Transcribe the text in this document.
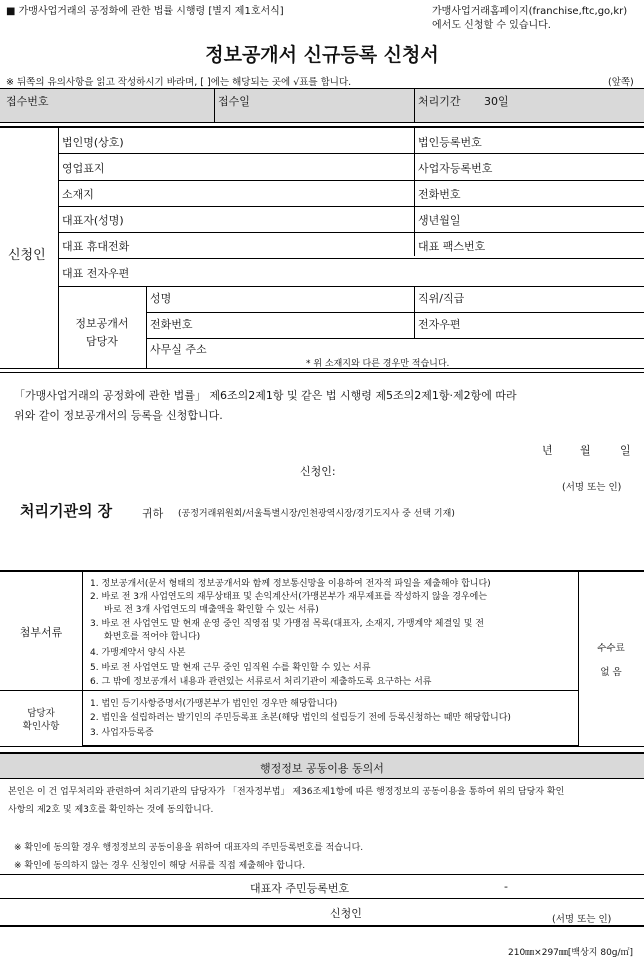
■ 가맹사업거래의 공정화에 관한 법률 시행령 [별지 제1호서식]	가맹사업거래홈페이지(franchise,ftc,go,kr)
에서도 신청할 수 있습니다.
정보공개서 신규등록 신청서
※ 뒤쪽의 유의사항을 읽고 작성하시기 바라며, [ ]에는 해당되는 곳에 √표를 합니다.	(앞쪽)
접수번호	접수일	처리기간 30일
신청인
법인명(상호)	법인등록번호
영업표지	사업자등록번호
소재지	전화번호
대표자(성명)	생년월일
대표 휴대전화	대표 팩스번호
대표 전자우편
정보공개서
담당자
성명	직위/직급
전화번호	전자우편
사무실 주소
* 위 소재지와 다른 경우만 적습니다.
「가맹사업거래의 공정화에 관한 법률」 제6조의2제1항 및 같은 법 시행령 제5조의2제1항·제2항에 따라
위와 같이 정보공개서의 등록을 신청합니다.
년 월	일
신청인:
(서명 또는 인)
처리기관의 장	귀하 (공정거래위원회/서울특별시장/인천광역시장/경기도지사 중 선택 기재)
첨부서류
1. 정보공개서(문서 형태의 정보공개서와 함께 정보통신망을 이용하여 전자적 파일을 제출해야 합니다)
2. 바로 전 3개 사업연도의 재무상태표 및 손익계산서(가맹본부가 재무제표를 작성하지 않을 경우에는
바로 전 3개 사업연도의 매출액을 확인할 수 있는 서류)
3. 바로 전 사업연도 말 현재 운영 중인 직영점 및 가맹점 목록(대표자, 소재지, 가맹계약 체결일 및 전
화번호를 적어야 합니다)
4. 가맹계약서 양식 사본
5. 바로 전 사업연도 말 현재 근무 중인 임직원 수를 확인할 수 있는 서류
6. 그 밖에 정보공개서 내용과 관련있는 서류로서 처리기관이 제출하도록 요구하는 서류
수수료
없 음
담당자
확인사항
1. 법인 등기사항증명서(가맹본부가 법인인 경우만 해당합니다)
2. 법인을 설립하려는 발기인의 주민등록표 초본(해당 법인의 설립등기 전에 등록신청하는 때만 해당합니다)
3. 사업자등록증
행정정보 공동이용 동의서
본인은 이 건 업무처리와 관련하여 처리기관의 담당자가 「전자정부법」 제36조제1항에 따른 행정정보의 공동이용을 통하여 위의 담당자 확인
사항의 제2호 및 제3호를 확인하는 것에 동의합니다.
※ 확인에 동의할 경우 행정정보의 공동이용을 위하여 대표자의 주민등록번호를 적습니다.
※ 확인에 동의하지 않는 경우 신청인이 해당 서류를 직접 제출해야 합니다.
대표자 주민등록번호	-
신청인	(서명 또는 인)
210㎜×297㎜[백상지 80g/㎡]
